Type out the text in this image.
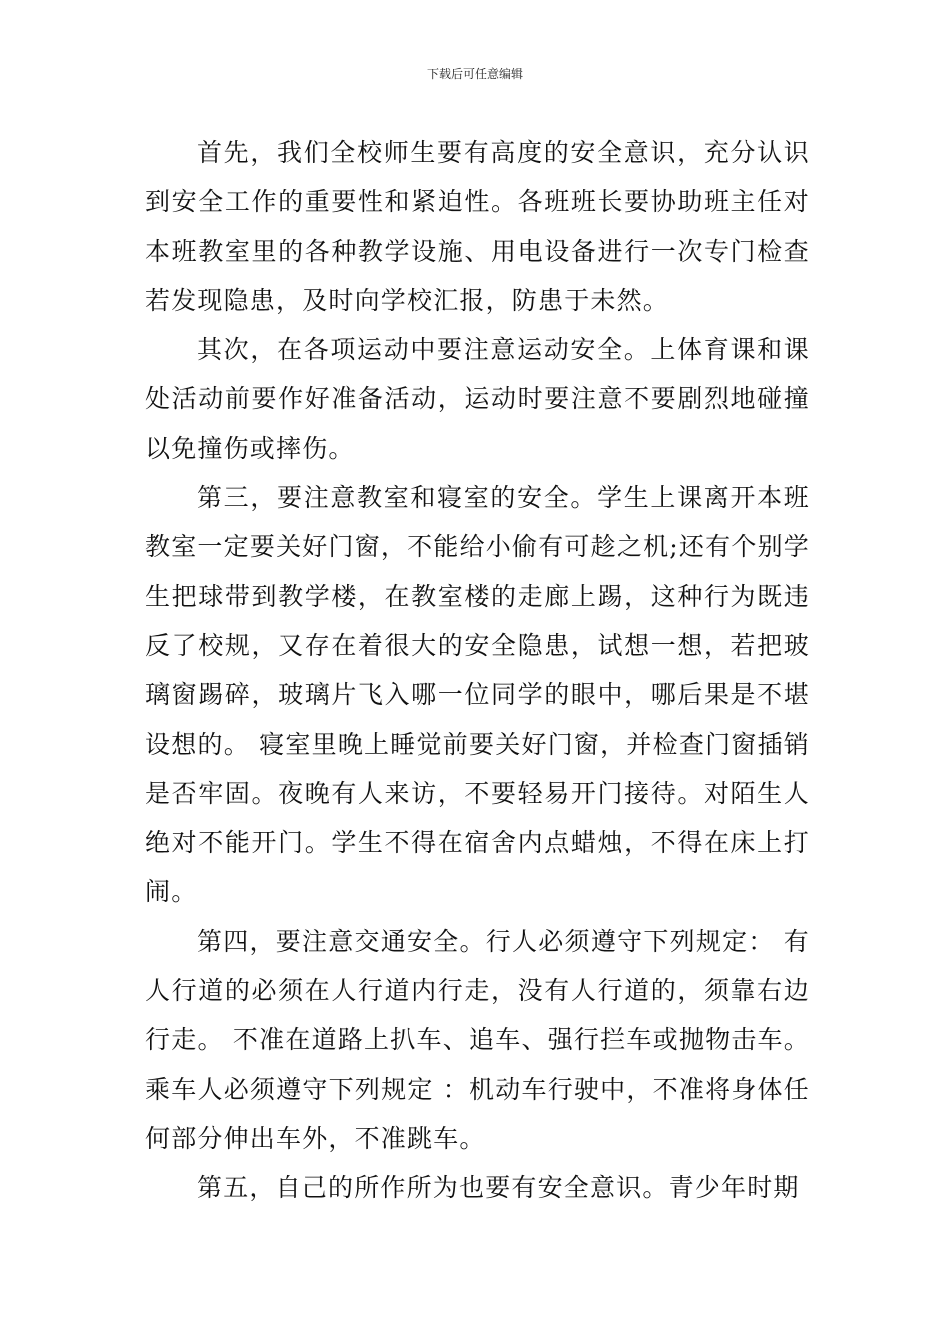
下载后可任意编辑

首先，我们全校师生要有高度的安全意识，充分认识到安全工作的重要性和紧迫性。各班班长要协助班主任对本班教室里的各种教学设施、用电设备进行一次专门检查若发现隐患，及时向学校汇报，防患于未然。

其次，在各项运动中要注意运动安全。上体育课和课处活动前要作好准备活动，运动时要注意不要剧烈地碰撞以免撞伤或摔伤。

第三，要注意教室和寝室的安全。学生上课离开本班教室一定要关好门窗，不能给小偷有可趁之机;还有个别学生把球带到教学楼，在教室楼的走廊上踢，这种行为既违反了校规，又存在着很大的安全隐患，试想一想，若把玻璃窗踢碎，玻璃片飞入哪一位同学的眼中，哪后果是不堪设想的。 寝室里晚上睡觉前要关好门窗，并检查门窗插销是否牢固。夜晚有人来访，不要轻易开门接待。对陌生人绝对不能开门。学生不得在宿舍内点蜡烛，不得在床上打闹。

第四，要注意交通安全。行人必须遵守下列规定： 有人行道的必须在人行道内行走，没有人行道的，须靠右边行走。 不准在道路上扒车、追车、强行拦车或抛物击车。乘车人必须遵守下列规定 ：机动车行驶中，不准将身体任何部分伸出车外，不准跳车。

第五，自己的所作所为也要有安全意识。青少年时期
